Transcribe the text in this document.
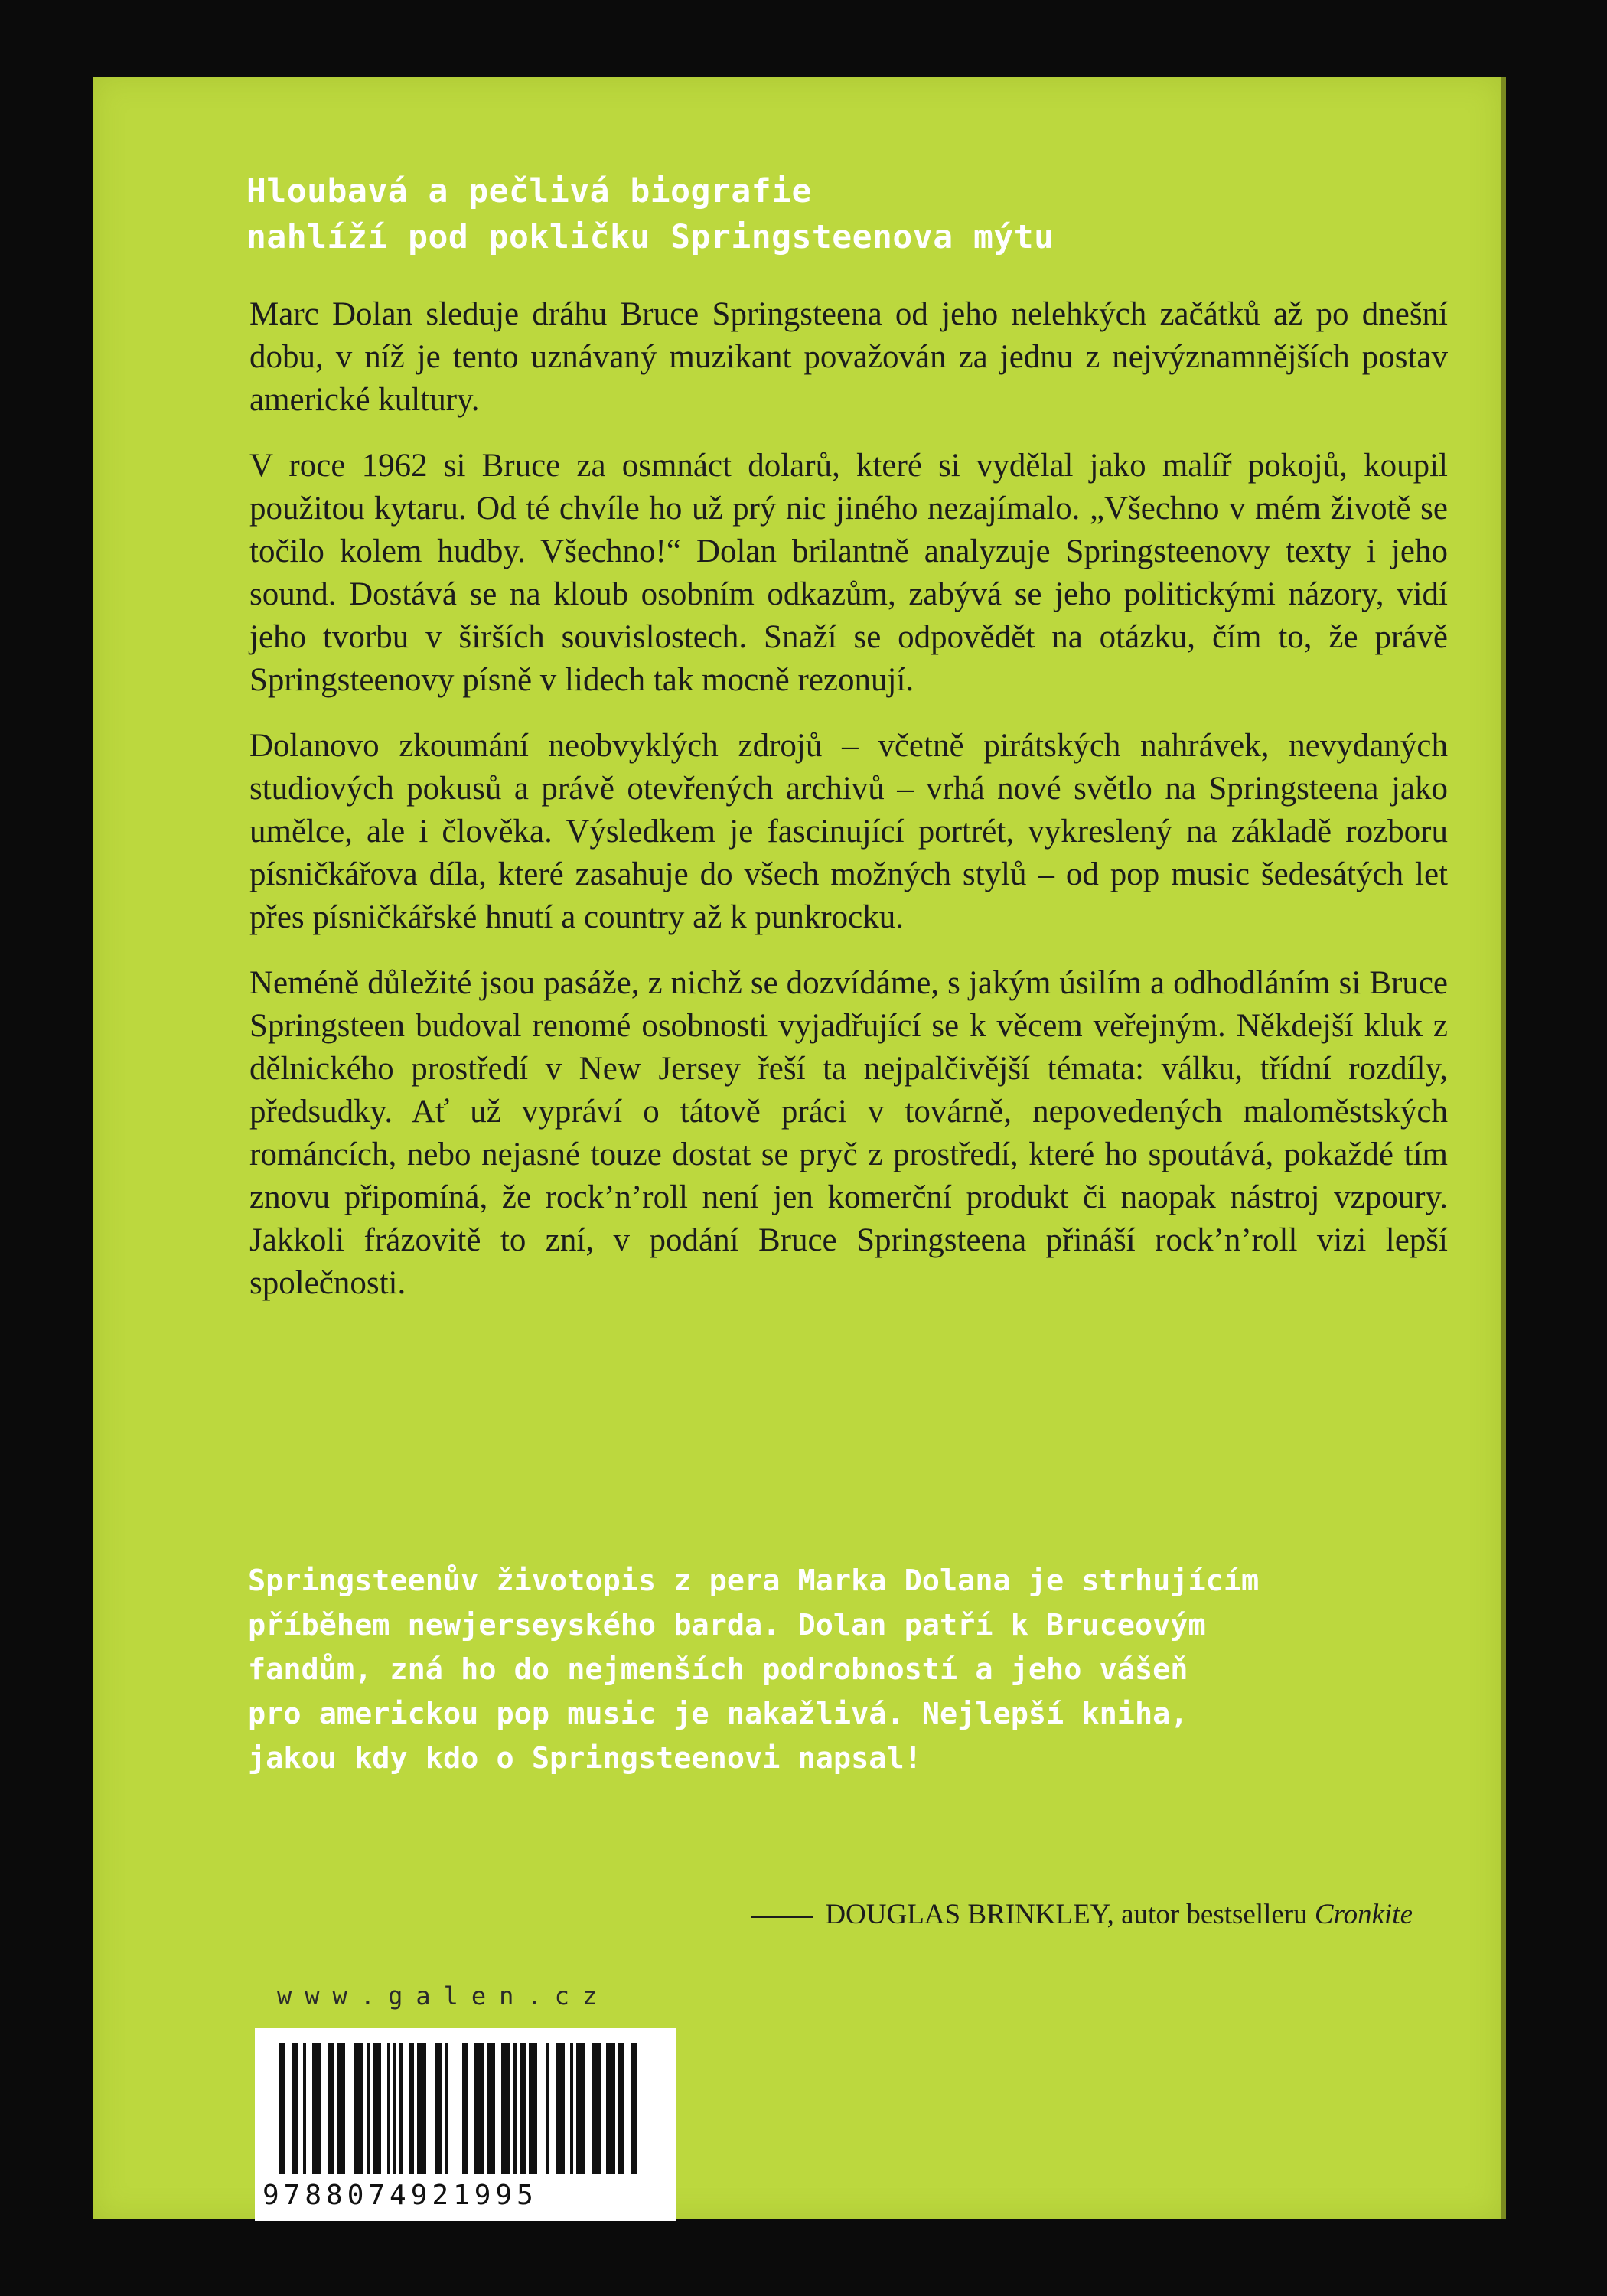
Hloubavá a pečlivá biografie
nahlíží pod pokličku Springsteenova mýtu

Marc Dolan sleduje dráhu Bruce Springsteena od jeho nelehkých začátků až po dnešní dobu, v níž je tento uznávaný muzikant považován za jednu z nejvýznamnějších postav americké kultury.

V roce 1962 si Bruce za osmnáct dolarů, které si vydělal jako malíř pokojů, koupil použitou kytaru. Od té chvíle ho už prý nic jiného nezajímalo. „Všechno v mém životě se točilo kolem hudby. Všechno!“ Dolan brilantně analyzuje Springsteenovy texty i jeho sound. Dostává se na kloub osobním odkazům, zabývá se jeho politickými názory, vidí jeho tvorbu v širších souvislostech. Snaží se odpovědět na otázku, čím to, že právě Springsteenovy písně v lidech tak mocně rezonují.

Dolanovo zkoumání neobvyklých zdrojů – včetně pirátských nahrávek, nevydaných studiových pokusů a právě otevřených archivů – vrhá nové světlo na Springsteena jako umělce, ale i člověka. Výsledkem je fascinující portrét, vykreslený na základě rozboru písničkářova díla, které zasahuje do všech možných stylů – od pop music šedesátých let přes písničkářské hnutí a country až k punkrocku.

Neméně důležité jsou pasáže, z nichž se dozvídáme, s jakým úsilím a odhodláním si Bruce Springsteen budoval renomé osobnosti vyjadřující se k věcem veřejným. Někdejší kluk z dělnického prostředí v New Jersey řeší ta nejpalčivější témata: válku, třídní rozdíly, předsudky. Ať už vypráví o tátově práci v továrně, nepovedených maloměstských románcích, nebo nejasné touze dostat se pryč z prostředí, které ho spoutává, pokaždé tím znovu připomíná, že rock’n’roll není jen komerční produkt či naopak nástroj vzpoury. Jakkoli frázovitě to zní, v podání Bruce Springsteena přináší rock’n’roll vizi lepší společnosti.

Springsteenův životopis z pera Marka Dolana je strhujícím
příběhem newjerseyského barda. Dolan patří k Bruceovým
fandům, zná ho do nejmenších podrobností a jeho vášeň
pro americkou pop music je nakažlivá. Nejlepší kniha,
jakou kdy kdo o Springsteenovi napsal!
DOUGLAS BRINKLEY, autor bestselleru Cronkite
www.galen.cz
9788074921995
